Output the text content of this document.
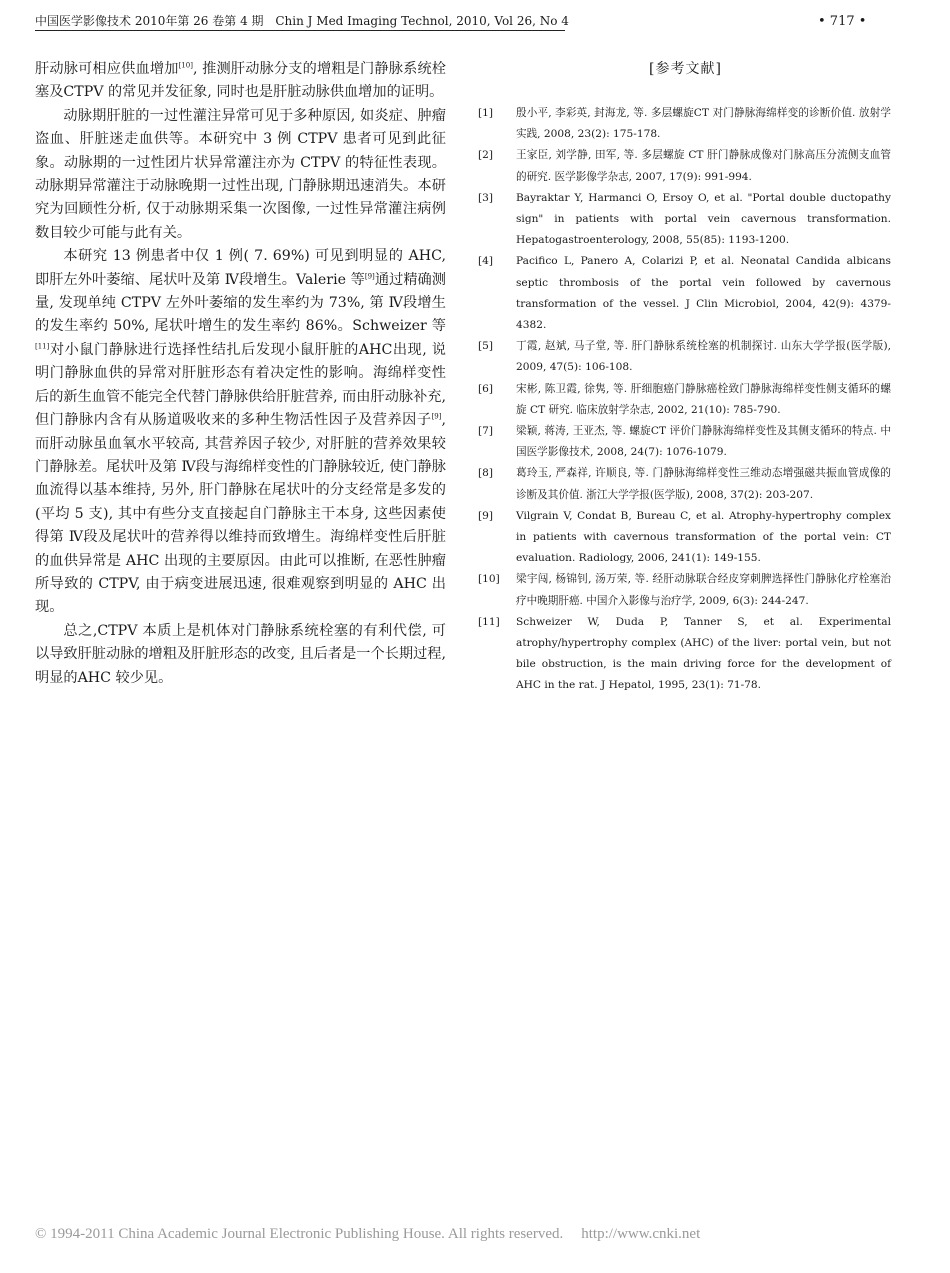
中国医学影像技术 2010年第 26 卷第 4 期 Chin J Med Imaging Technol, 2010, Vol 26, No 4	• 717 •

肝动脉可相应供血增加[10], 推测肝动脉分支的增粗是门静脉系统栓塞及CTPV 的常见并发征象, 同时也是肝脏动脉供血增加的证明。

动脉期肝脏的一过性灌注异常可见于多种原因, 如炎症、肿瘤盗血、肝脏迷走血供等。本研究中 3 例 CTPV 患者可见到此征象。动脉期的一过性团片状异常灌注亦为 CTPV 的特征性表现。动脉期异常灌注于动脉晚期一过性出现, 门静脉期迅速消失。本研究为回顾性分析, 仅于动脉期采集一次图像, 一过性异常灌注病例数目较少可能与此有关。

本研究 13 例患者中仅 1 例( 7. 69%) 可见到明显的 AHC, 即肝左外叶萎缩、尾状叶及第 Ⅳ段增生。Valerie 等[9]通过精确测量, 发现单纯 CTPV 左外叶萎缩的发生率约为 73%, 第 Ⅳ段增生的发生率约 50%, 尾状叶增生的发生率约 86%。Schweizer 等[11]对小鼠门静脉进行选择性结扎后发现小鼠肝脏的AHC出现, 说明门静脉血供的异常对肝脏形态有着决定性的影响。海绵样变性后的新生血管不能完全代替门静脉供给肝脏营养, 而由肝动脉补充, 但门静脉内含有从肠道吸收来的多种生物活性因子及营养因子[9], 而肝动脉虽血氧水平较高, 其营养因子较少, 对肝脏的营养效果较门静脉差。尾状叶及第 Ⅳ段与海绵样变性的门静脉较近, 使门静脉血流得以基本维持, 另外, 肝门静脉在尾状叶的分支经常是多发的(平均 5 支), 其中有些分支直接起自门静脉主干本身, 这些因素使得第 Ⅳ段及尾状叶的营养得以维持而致增生。海绵样变性后肝脏的血供异常是 AHC 出现的主要原因。由此可以推断, 在恶性肿瘤所导致的 CTPV, 由于病变进展迅速, 很难观察到明显的 AHC 出现。

总之,CTPV 本质上是机体对门静脉系统栓塞的有利代偿, 可以导致肝脏动脉的增粗及肝脏形态的改变, 且后者是一个长期过程, 明显的AHC 较少见。

[参考文献]
[1] 殷小平, 李彩英, 封海龙, 等. 多层螺旋CT 对门静脉海绵样变的诊断价值. 放射学实践, 2008, 23(2): 175-178.
[2] 王家臣, 刘学静, 田军, 等. 多层螺旋 CT 肝门静脉成像对门脉高压分流侧支血管的研究. 医学影像学杂志, 2007, 17(9): 991-994.
[3] Bayraktar Y, Harmanci O, Ersoy O, et al. "Portal double ductopathy sign" in patients with portal vein cavernous transformation. Hepatogastroenterology, 2008, 55(85): 1193-1200.
[4] Pacifico L, Panero A, Colarizi P, et al. Neonatal Candida albicans septic thrombosis of the portal vein followed by cavernous transformation of the vessel. J Clin Microbiol, 2004, 42(9): 4379-4382.
[5] 丁霞, 赵斌, 马子堂, 等. 肝门静脉系统栓塞的机制探讨. 山东大学学报(医学版), 2009, 47(5): 106-108.
[6] 宋彬, 陈卫霞, 徐隽, 等. 肝细胞癌门静脉癌栓致门静脉海绵样变性侧支循环的螺旋 CT 研究. 临床放射学杂志, 2002, 21(10): 785-790.
[7] 梁颖, 蒋涛, 王亚杰, 等. 螺旋CT 评价门静脉海绵样变性及其侧支循环的特点. 中国医学影像技术, 2008, 24(7): 1076-1079.
[8] 葛玲玉, 严森祥, 许顺良, 等. 门静脉海绵样变性三维动态增强磁共振血管成像的诊断及其价值. 浙江大学学报(医学版), 2008, 37(2): 203-207.
[9] Vilgrain V, Condat B, Bureau C, et al. Atrophy-hypertrophy complex in patients with cavernous transformation of the portal vein: CT evaluation. Radiology, 2006, 241(1): 149-155.
[10] 梁宇闯, 杨锦钊, 汤万荣, 等. 经肝动脉联合经皮穿刺脾选择性门静脉化疗栓塞治疗中晚期肝癌. 中国介入影像与治疗学, 2009, 6(3): 244-247.
[11] Schweizer W, Duda P, Tanner S, et al. Experimental atrophy/hypertrophy complex (AHC) of the liver: portal vein, but not bile obstruction, is the main driving force for the development of AHC in the rat. J Hepatol, 1995, 23(1): 71-78.
© 1994-2011 China Academic Journal Electronic Publishing House. All rights reserved. http://www.cnki.net
